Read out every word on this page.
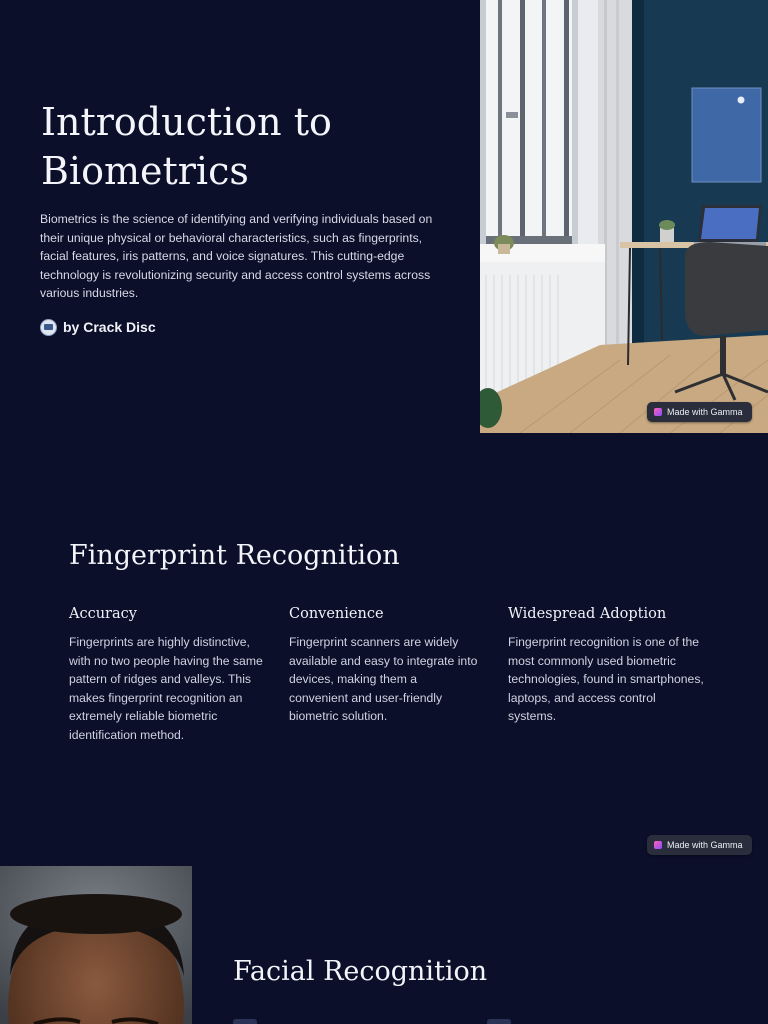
Introduction to Biometrics

Biometrics is the science of identifying and verifying individuals based on their unique physical or behavioral characteristics, such as fingerprints, facial features, iris patterns, and voice signatures. This cutting-edge technology is revolutionizing security and access control systems across various industries.

by Crack Disc
Made with Gamma
Fingerprint Recognition
Accuracy

Fingerprints are highly distinctive, with no two people having the same pattern of ridges and valleys. This makes fingerprint recognition an extremely reliable biometric identification method.

Convenience

Fingerprint scanners are widely available and easy to integrate into devices, making them a convenient and user-friendly biometric solution.

Widespread Adoption

Fingerprint recognition is one of the most commonly used biometric technologies, found in smartphones, laptops, and access control systems.

Made with Gamma
Facial Recognition
